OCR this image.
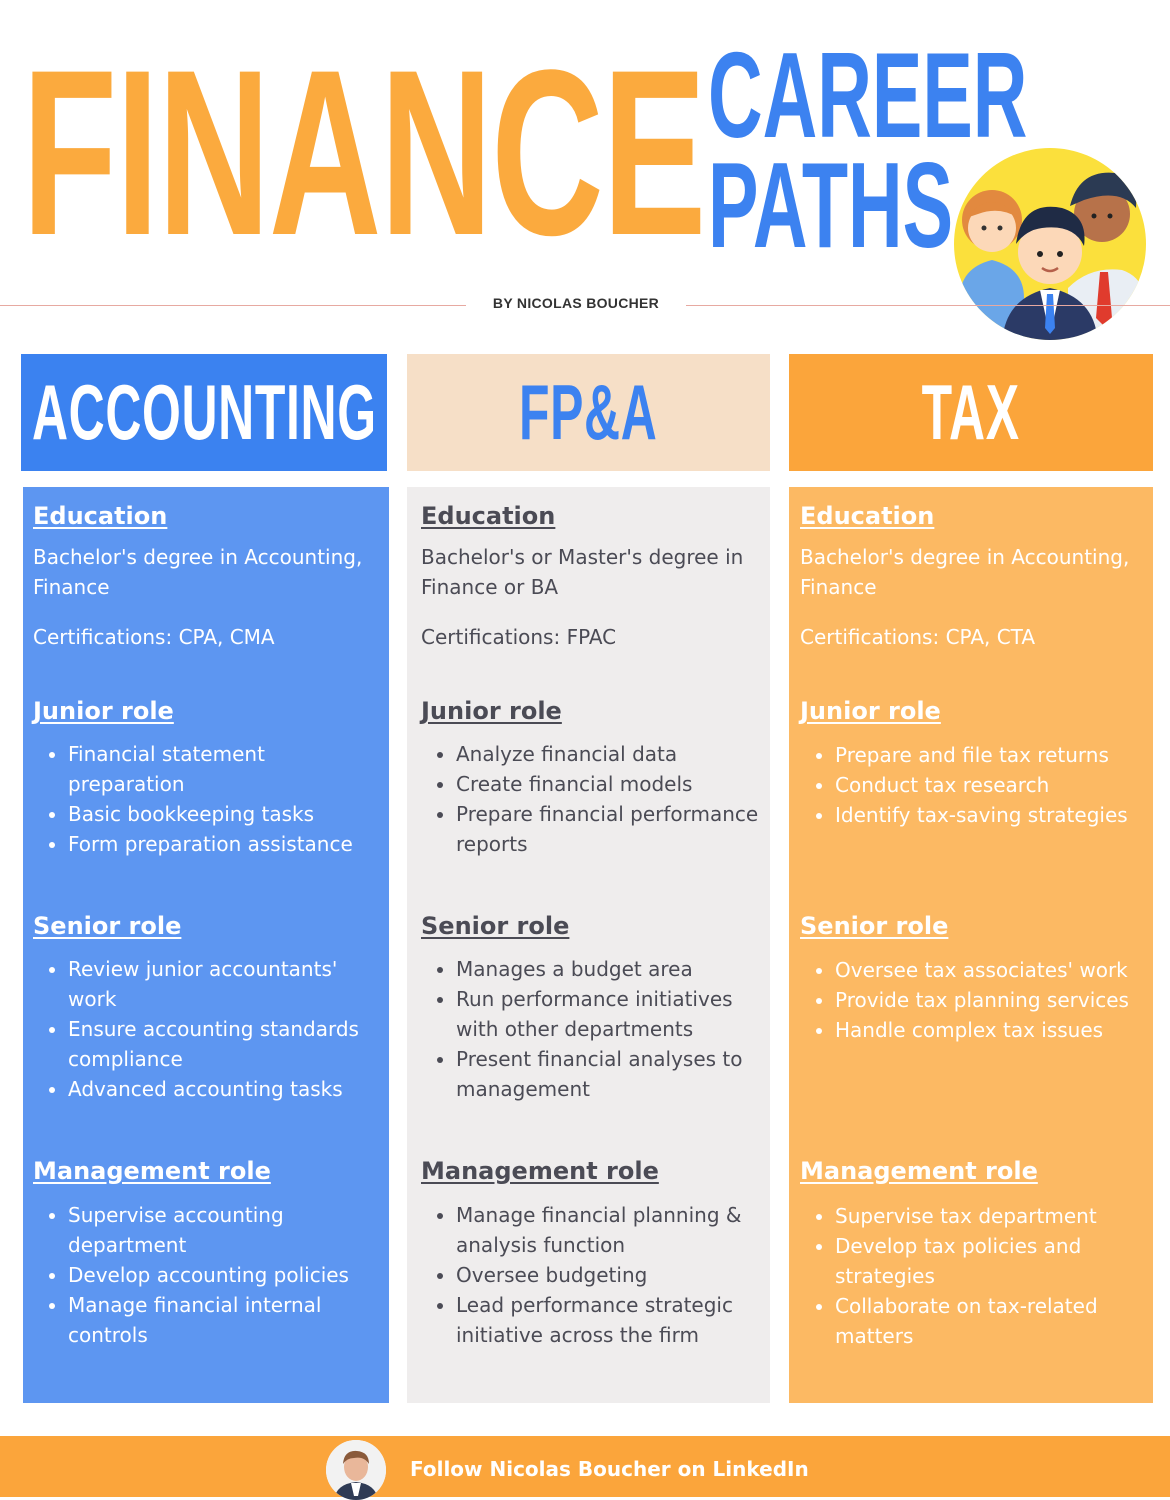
FINANCE CAREER
PATHS
BY NICOLAS BOUCHER
ACCOUNTING FP&A	TAX
Education
Bachelor's degree in Accounting, Finance
Certifications: CPA, CMA
Junior role
• Financial statement preparation
• Basic bookkeeping tasks
• Form preparation assistance
Senior role
• Review junior accountants' work
• Ensure accounting standards compliance
• Advanced accounting tasks
Management role
• Supervise accounting department
• Develop accounting policies
• Manage financial internal controls
Education
Bachelor's or Master's degree in Finance or BA
Certifications: FPAC
Junior role
• Analyze financial data
• Create financial models
• Prepare financial performance reports
Senior role
• Manages a budget area
• Run performance initiatives with other departments
• Present financial analyses to management
Management role
• Manage financial planning & analysis function
• Oversee budgeting
• Lead performance strategic initiative across the firm
Education
Bachelor's degree in Accounting, Finance
Certifications: CPA, CTA
Junior role
• Prepare and file tax returns
• Conduct tax research
• Identify tax-saving strategies
Senior role
• Oversee tax associates' work
• Provide tax planning services
• Handle complex tax issues
Management role
• Supervise tax department
• Develop tax policies and strategies
• Collaborate on tax-related matters
Follow Nicolas Boucher on LinkedIn
